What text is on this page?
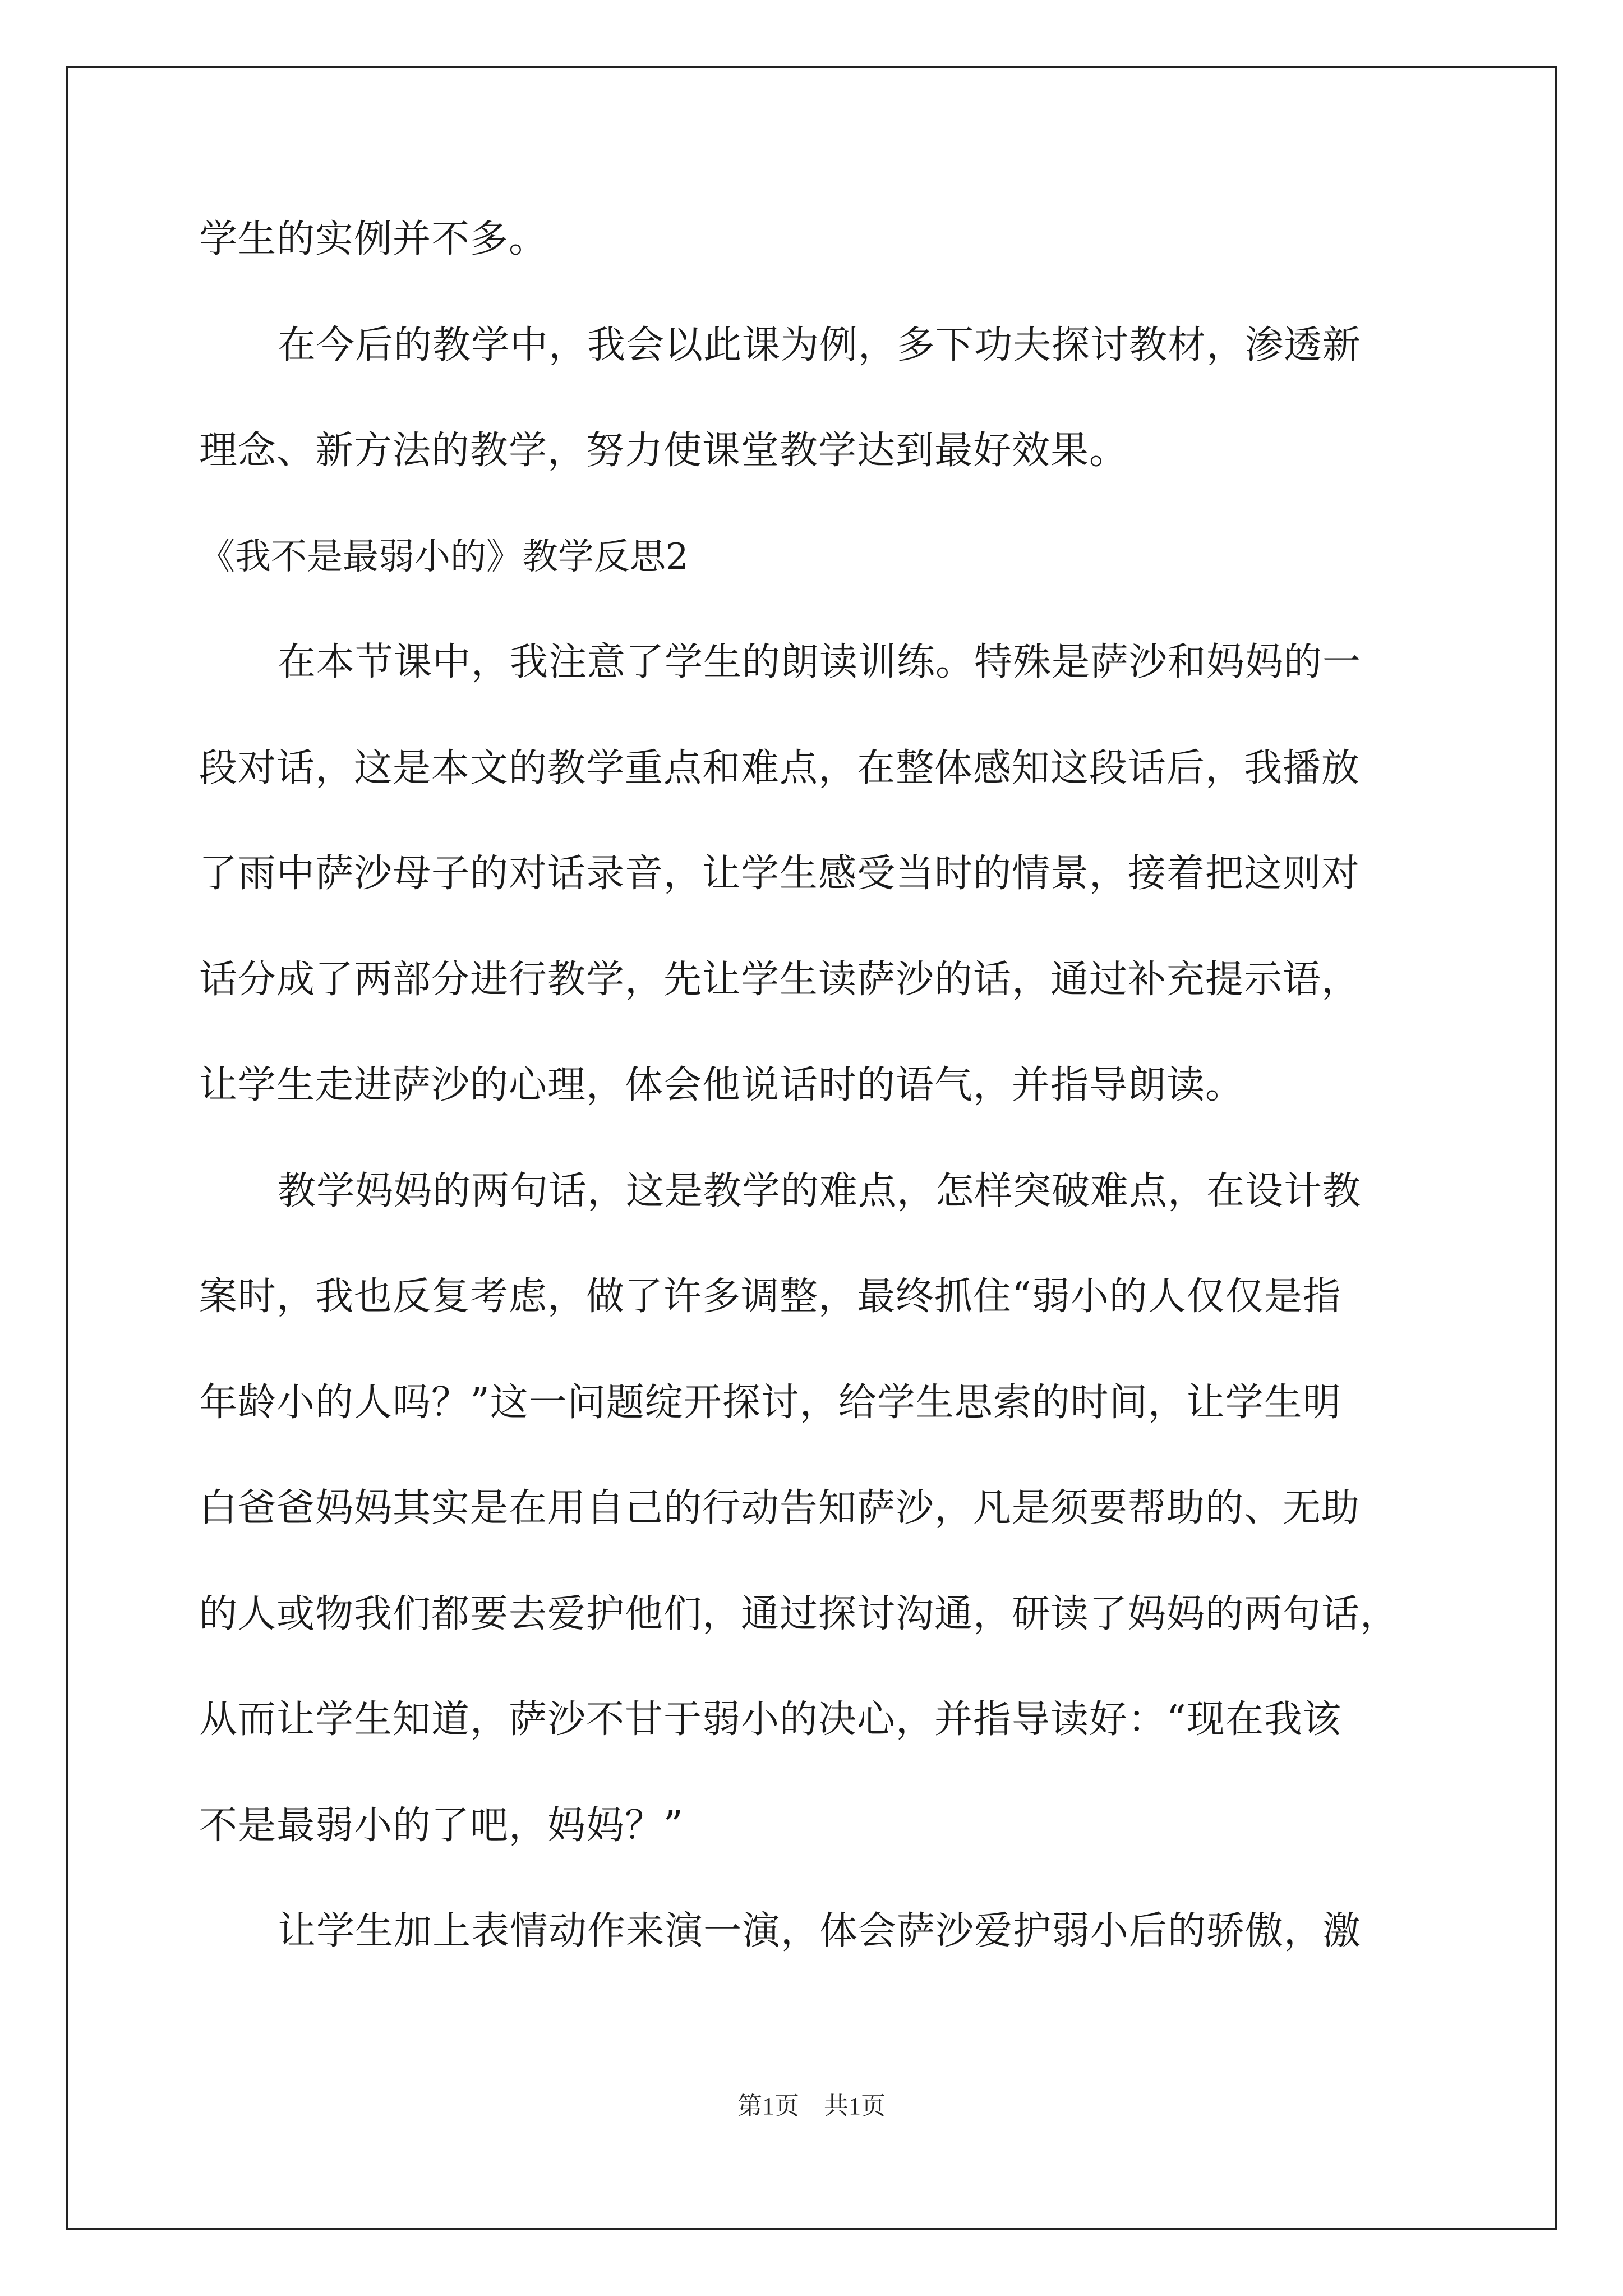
学生的实例并不多。

在今后的教学中，我会以此课为例，多下功夫探讨教材，渗透新

理念、新方法的教学，努力使课堂教学达到最好效果。

《我不是最弱小的》教学反思2

在本节课中，我注意了学生的朗读训练。特殊是萨沙和妈妈的一

段对话，这是本文的教学重点和难点，在整体感知这段话后，我播放

了雨中萨沙母子的对话录音，让学生感受当时的情景，接着把这则对

话分成了两部分进行教学，先让学生读萨沙的话，通过补充提示语，

让学生走进萨沙的心理，体会他说话时的语气，并指导朗读。

教学妈妈的两句话，这是教学的难点，怎样突破难点，在设计教

案时，我也反复考虑，做了许多调整，最终抓住“弱小的人仅仅是指

年龄小的人吗？”这一问题绽开探讨，给学生思索的时间，让学生明

白爸爸妈妈其实是在用自己的行动告知萨沙，凡是须要帮助的、无助

的人或物我们都要去爱护他们，通过探讨沟通，研读了妈妈的两句话，

从而让学生知道，萨沙不甘于弱小的决心，并指导读好：“现在我该

不是最弱小的了吧，妈妈？”

让学生加上表情动作来演一演，体会萨沙爱护弱小后的骄傲，激

第1页　共1页
